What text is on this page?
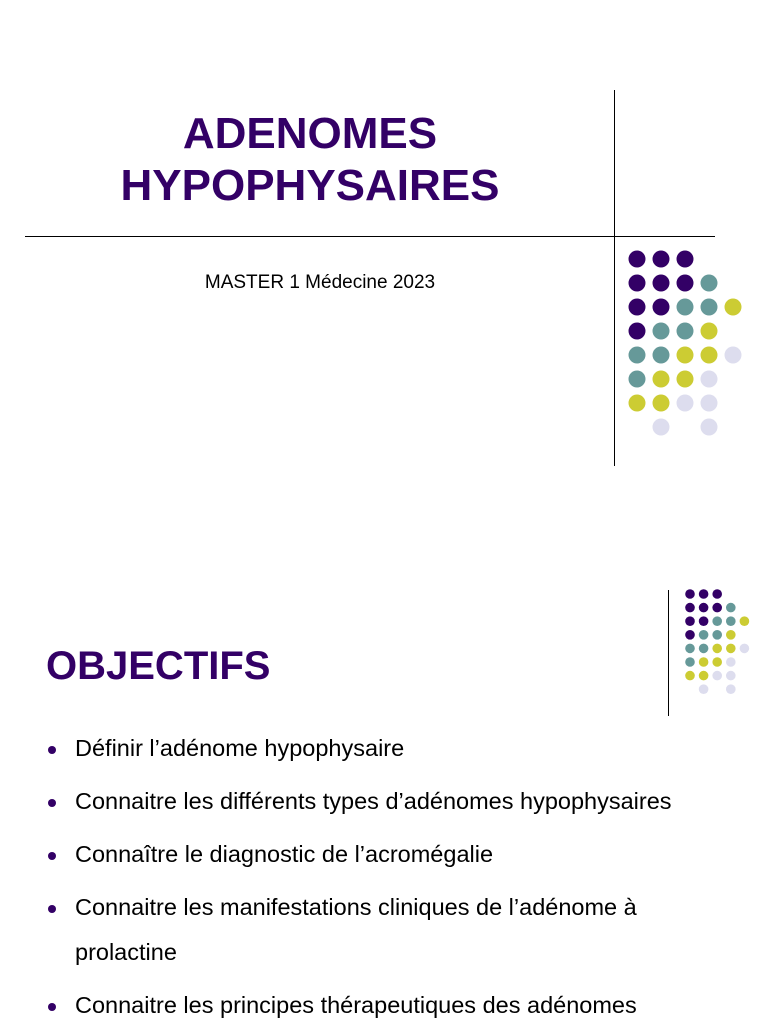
ADENOMES
HYPOPHYSAIRES

MASTER 1 Médecine 2023

OBJECTIFS
Définir l’adénome hypophysaire
Connaitre les différents types d’adénomes hypophysaires
Connaître le diagnostic de l’acromégalie
Connaitre les manifestations cliniques de l’adénome à prolactine
Connaitre les principes thérapeutiques des adénomes
